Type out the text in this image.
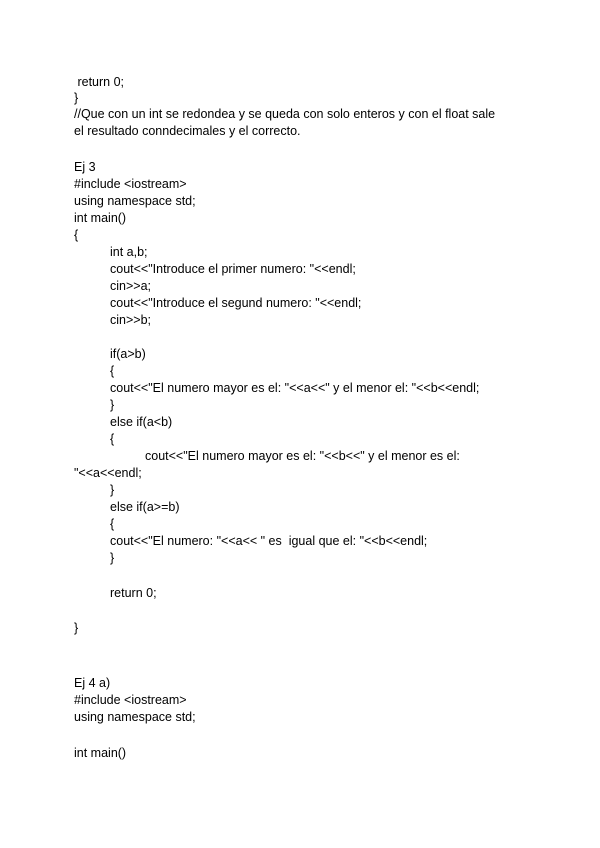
return 0;
}
//Que con un int se redondea y se queda con solo enteros y con el float sale
el resultado conndecimales y el correcto.
Ej 3
#include <iostream>
using namespace std;
int main()
{
int a,b;
cout<<"Introduce el primer numero: "<<endl;
cin>>a;
cout<<"Introduce el segund numero: "<<endl;
cin>>b;
if(a>b)
{
cout<<"El numero mayor es el: "<<a<<" y el menor el: "<<b<<endl;
}
else if(a<b)
{
cout<<"El numero mayor es el: "<<b<<" y el menor es el:
"<<a<<endl;
}
else if(a>=b)
{
cout<<"El numero: "<<a<< " es  igual que el: "<<b<<endl;
}
return 0;
}
Ej 4 a)
#include <iostream>
using namespace std;
int main()
